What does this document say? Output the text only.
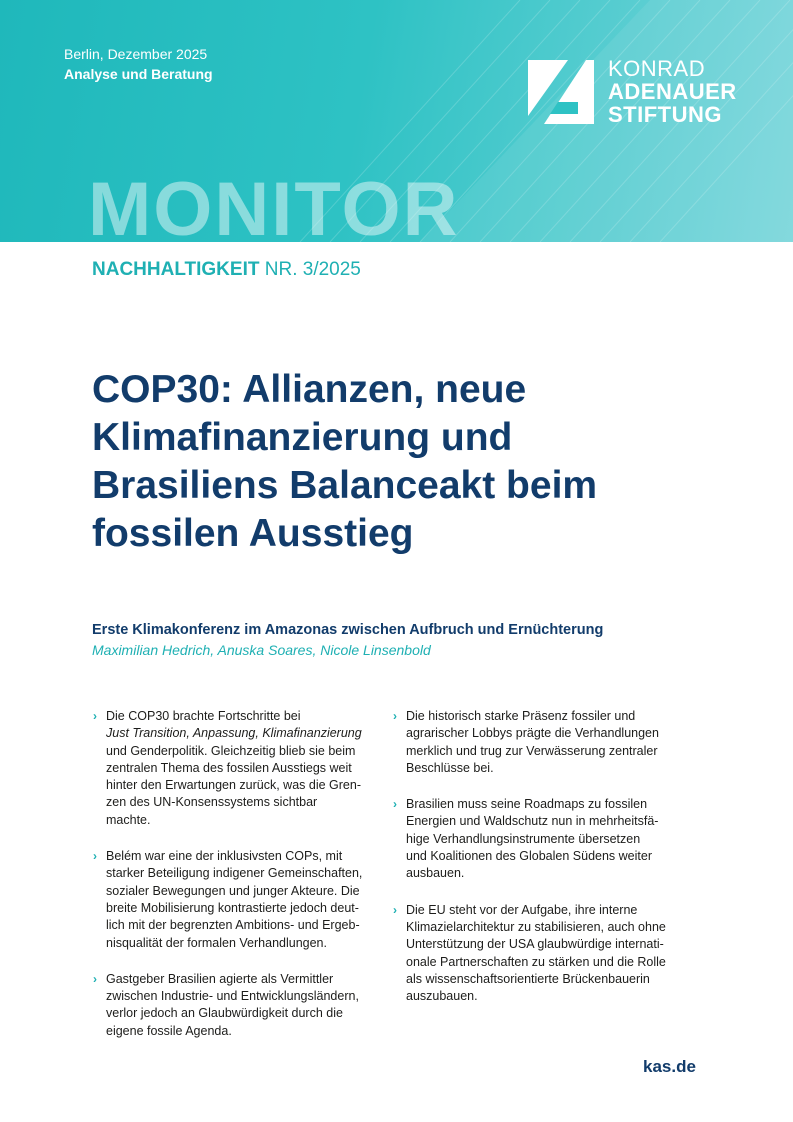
Berlin, Dezember 2025
Analyse und Beratung	KONRAD
ADENAUER
STIFTUNG
MONITOR
NACHHALTIGKEIT NR. 3/2025
COP30: Allianzen, neue Klimafinanzierung und Brasiliens Balanceakt beim fossilen Ausstieg
Erste Klimakonferenz im Amazonas zwischen Aufbruch und Ernüchterung
Maximilian Hedrich, Anuska Soares, Nicole Linsenbold
› Die COP30 brachte Fortschritte bei
Just Transition, Anpassung, Klimafinanzierung
und Genderpolitik. Gleichzeitig blieb sie beim
zentralen Thema des fossilen Ausstiegs weit
hinter den Erwartungen zurück, was die Gren-
zen des UN-Konsenssystems sichtbar machte.
› Belém war eine der inklusivsten COPs, mit
starker Beteiligung indigener Gemeinschaften,
sozialer Bewegungen und junger Akteure. Die
breite Mobilisierung kontrastierte jedoch deut-
lich mit der begrenzten Ambitions- und Ergeb-
nisqualität der formalen Verhandlungen.
› Gastgeber Brasilien agierte als Vermittler
zwischen Industrie- und Entwicklungsländern,
verlor jedoch an Glaubwürdigkeit durch die
eigene fossile Agenda.
› Die historisch starke Präsenz fossiler und
agrarischer Lobbys prägte die Verhandlungen
merklich und trug zur Verwässerung zentraler
Beschlüsse bei.
› Brasilien muss seine Roadmaps zu fossilen
Energien und Waldschutz nun in mehrheitsfä-
hige Verhandlungsinstrumente übersetzen
und Koalitionen des Globalen Südens weiter
ausbauen.
› Die EU steht vor der Aufgabe, ihre interne
Klimazielarchitektur zu stabilisieren, auch ohne
Unterstützung der USA glaubwürdige internati-
onale Partnerschaften zu stärken und die Rolle
als wissenschaftsorientierte Brückenbauerin
auszubauen.
kas.de
